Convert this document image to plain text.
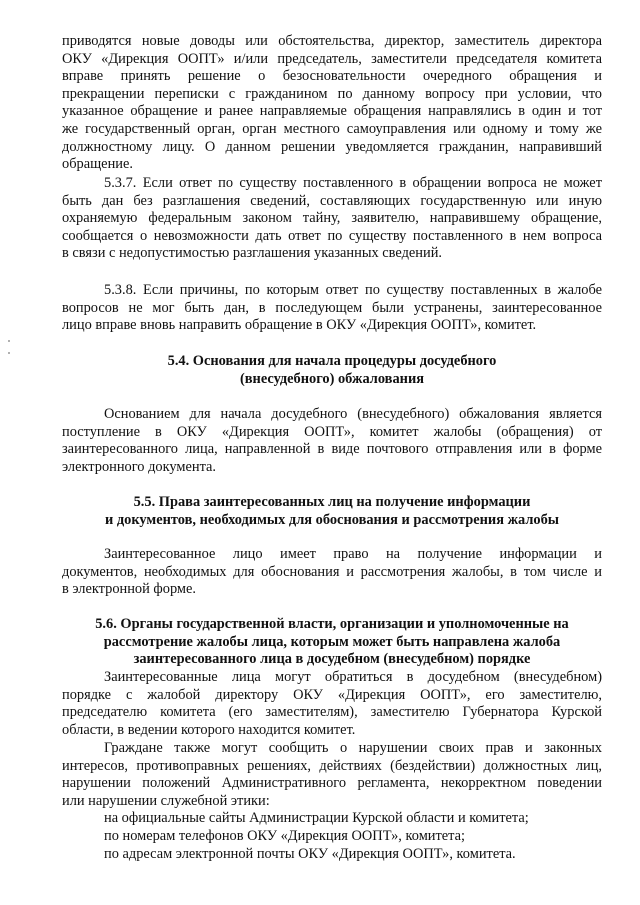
приводятся новые доводы или обстоятельства, директор, заместитель директора
ОКУ «Дирекция ООПТ» и/или председатель, заместители председателя комитета
вправе принять решение о безосновательности очередного обращения и
прекращении переписки с гражданином по данному вопросу при условии, что
указанное обращение и ранее направляемые обращения направлялись в один и тот
же государственный орган, орган местного самоуправления или одному и тому же
должностному лицу. О данном решении уведомляется гражданин, направивший
обращение.
5.3.7. Если ответ по существу поставленного в обращении вопроса не может
быть дан без разглашения сведений, составляющих государственную или иную
охраняемую федеральным законом тайну, заявителю, направившему обращение,
сообщается о невозможности дать ответ по существу поставленного в нем вопроса
в связи с недопустимостью разглашения указанных сведений.
5.3.8. Если причины, по которым ответ по существу поставленных в жалобе
вопросов не мог быть дан, в последующем были устранены, заинтересованное
лицо вправе вновь направить обращение в ОКУ «Дирекция ООПТ», комитет.
5.4. Основания для начала процедуры досудебного
(внесудебного) обжалования
Основанием для начала досудебного (внесудебного) обжалования является
поступление в ОКУ «Дирекция ООПТ», комитет жалобы (обращения) от
заинтересованного лица, направленной в виде почтового отправления или в форме
электронного документа.
5.5. Права заинтересованных лиц на получение информации
и документов, необходимых для обоснования и рассмотрения жалобы
Заинтересованное лицо имеет право на получение информации и
документов, необходимых для обоснования и рассмотрения жалобы, в том числе и
в электронной форме.
5.6. Органы государственной власти, организации и уполномоченные на
рассмотрение жалобы лица, которым может быть направлена жалоба
заинтересованного лица в досудебном (внесудебном) порядке
Заинтересованные лица могут обратиться в досудебном (внесудебном)
порядке с жалобой директору ОКУ «Дирекция ООПТ», его заместителю,
председателю комитета (его заместителям), заместителю Губернатора Курской
области, в ведении которого находится комитет.
Граждане также могут сообщить о нарушении своих прав и законных
интересов, противоправных решениях, действиях (бездействии) должностных лиц,
нарушении положений Административного регламента, некорректном поведении
или нарушении служебной этики:

на официальные сайты Администрации Курской области и комитета;

по номерам телефонов ОКУ «Дирекция ООПТ», комитета;

по адресам электронной почты ОКУ «Дирекция ООПТ», комитета.
